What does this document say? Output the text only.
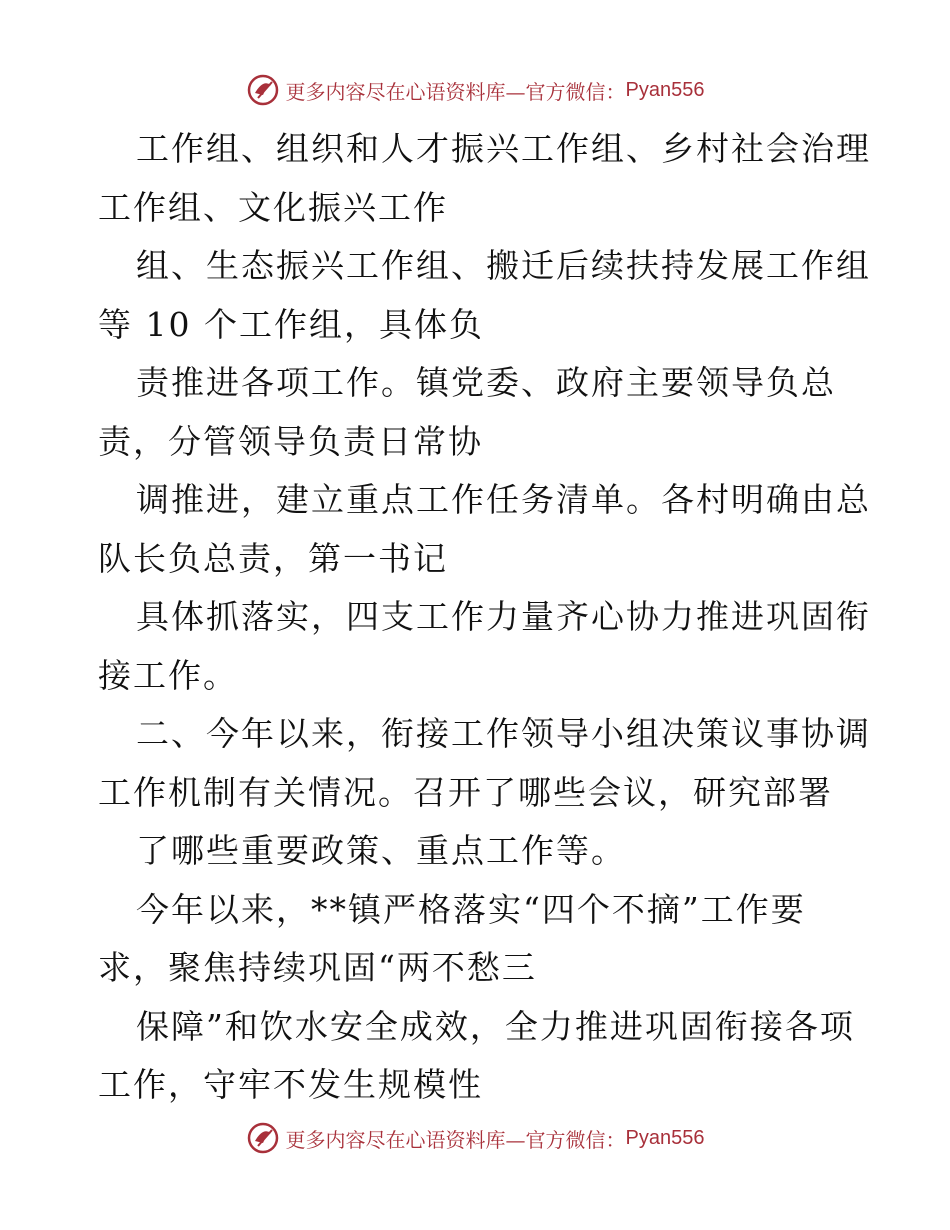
更多内容尽在心语资料库—官方微信： Pyan556
工作组、组织和人才振兴工作组、乡村社会治理
工作组、文化振兴工作
组、生态振兴工作组、搬迁后续扶持发展工作组
等 10 个工作组，具体负
责推进各项工作。镇党委、政府主要领导负总
责，分管领导负责日常协
调推进，建立重点工作任务清单。各村明确由总
队长负总责，第一书记
具体抓落实，四支工作力量齐心协力推进巩固衔
接工作。
二、今年以来，衔接工作领导小组决策议事协调
工作机制有关情况。召开了哪些会议，研究部署
了哪些重要政策、重点工作等。
今年以来，**镇严格落实“四个不摘”工作要
求，聚焦持续巩固“两不愁三
保障”和饮水安全成效，全力推进巩固衔接各项
工作，守牢不发生规模性
更多内容尽在心语资料库—官方微信： Pyan556
